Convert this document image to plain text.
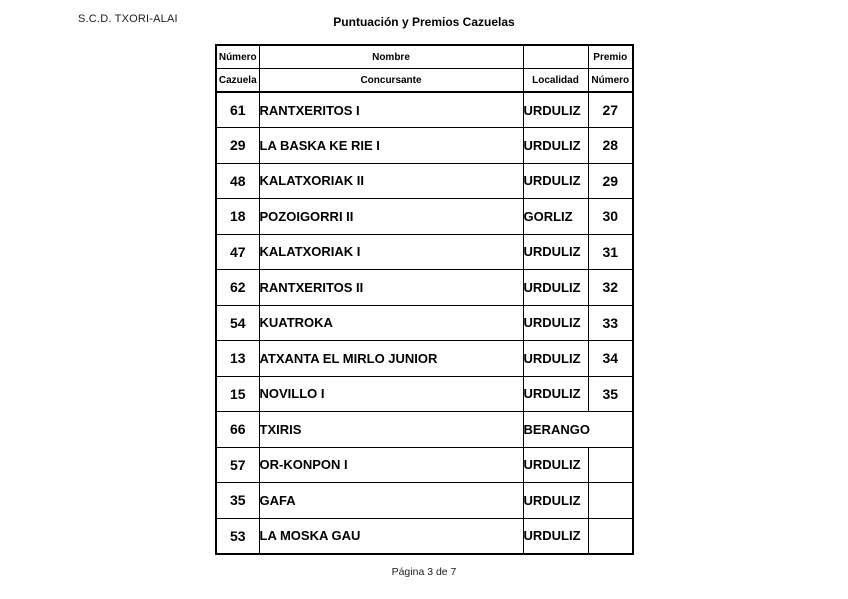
S.C.D. TXORI-ALAI	Puntuación y Premios Cazuelas
Número	Nombre		Premio
Cazuela	Concursante	Localidad	Número
61	RANTXERITOS I	URDULIZ	27
29	LA BASKA KE RIE I	URDULIZ	28
48	KALATXORIAK II	URDULIZ	29
18	POZOIGORRI II	GORLIZ	30
47	KALATXORIAK I	URDULIZ	31
62	RANTXERITOS II	URDULIZ	32
54	KUATROKA	URDULIZ	33
13	ATXANTA EL MIRLO JUNIOR	URDULIZ	34
15	NOVILLO I	URDULIZ	35
66	TXIRIS	BERANGO	
57	OR-KONPON I	URDULIZ	
35	GAFA	URDULIZ	
53	LA MOSKA GAU	URDULIZ	
Página 3 de 7
